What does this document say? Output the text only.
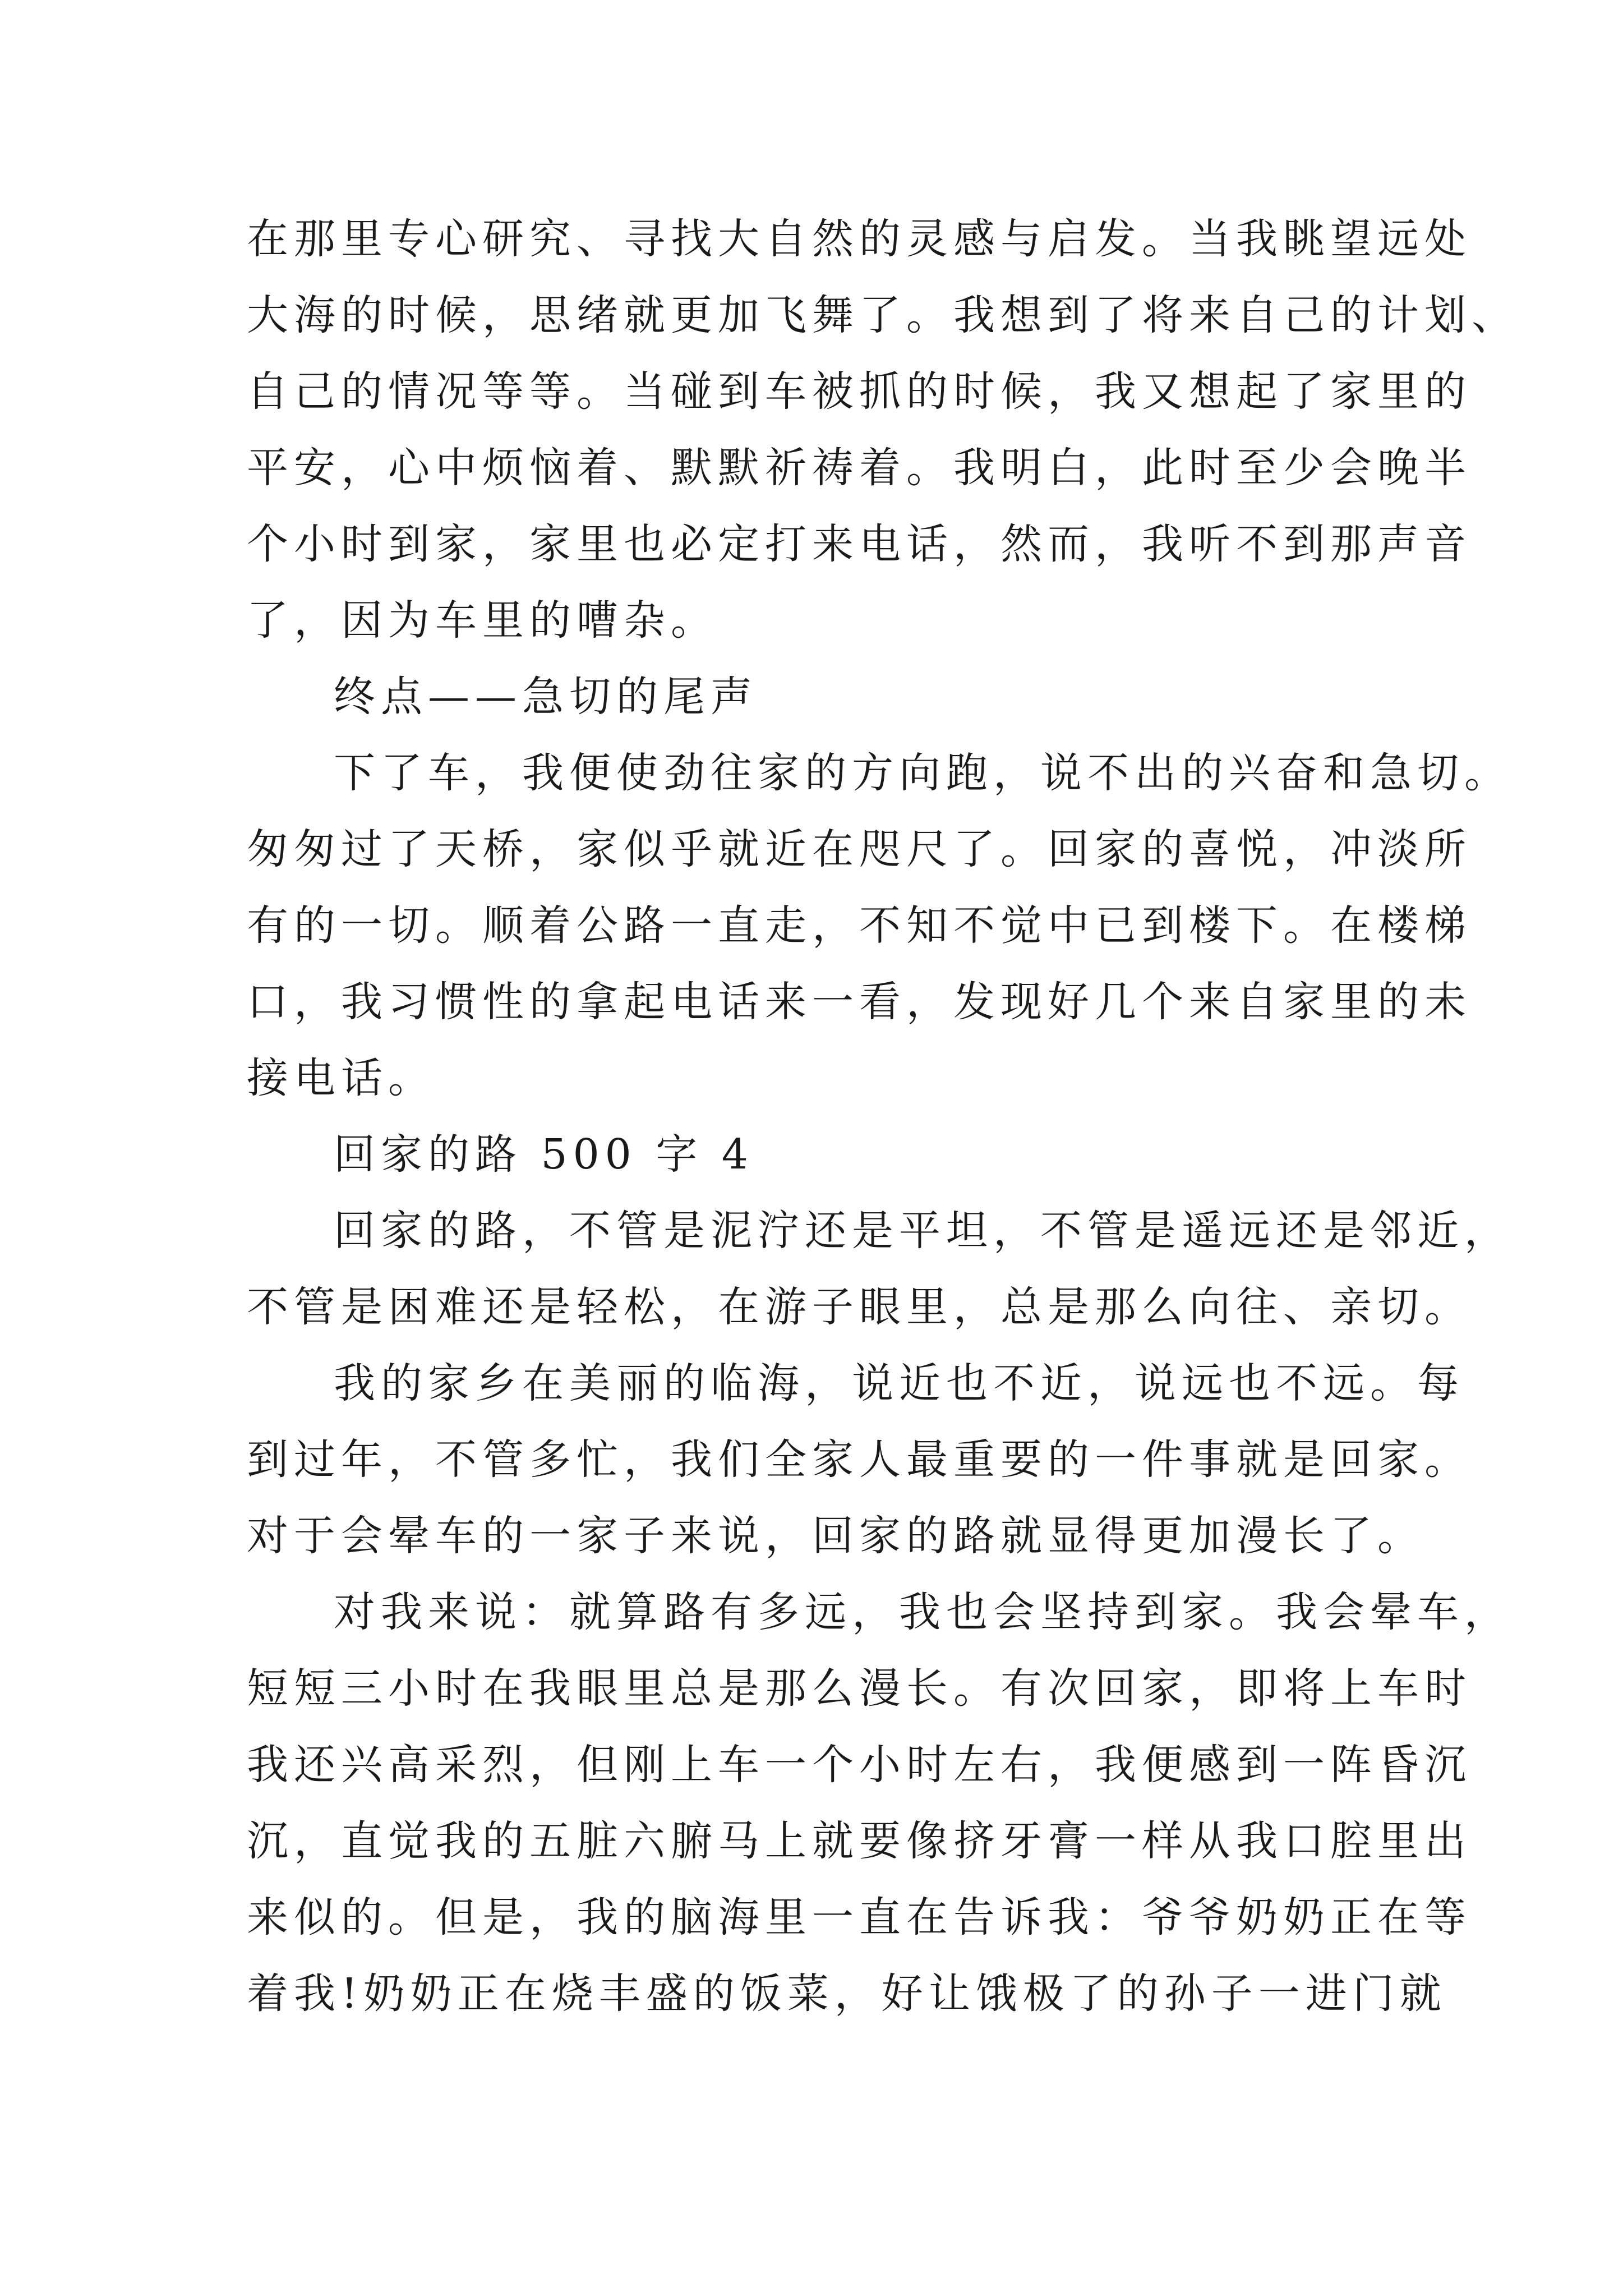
在那里专心研究、寻找大自然的灵感与启发。当我眺望远处
大海的时候，思绪就更加飞舞了。我想到了将来自己的计划、
自己的情况等等。当碰到车被抓的时候，我又想起了家里的
平安，心中烦恼着、默默祈祷着。我明白，此时至少会晚半
个小时到家，家里也必定打来电话，然而，我听不到那声音
了，因为车里的嘈杂。
终点——急切的尾声
下了车，我便使劲往家的方向跑，说不出的兴奋和急切。
匆匆过了天桥，家似乎就近在咫尺了。回家的喜悦，冲淡所
有的一切。顺着公路一直走，不知不觉中已到楼下。在楼梯
口，我习惯性的拿起电话来一看，发现好几个来自家里的未
接电话。
回家的路 500 字 4
回家的路，不管是泥泞还是平坦，不管是遥远还是邻近，
不管是困难还是轻松，在游子眼里，总是那么向往、亲切。
我的家乡在美丽的临海，说近也不近，说远也不远。每
到过年，不管多忙，我们全家人最重要的一件事就是回家。
对于会晕车的一家子来说，回家的路就显得更加漫长了。
对我来说：就算路有多远，我也会坚持到家。我会晕车，
短短三小时在我眼里总是那么漫长。有次回家，即将上车时
我还兴高采烈，但刚上车一个小时左右，我便感到一阵昏沉
沉，直觉我的五脏六腑马上就要像挤牙膏一样从我口腔里出
来似的。但是，我的脑海里一直在告诉我：爷爷奶奶正在等
着我!奶奶正在烧丰盛的饭菜，好让饿极了的孙子一进门就
